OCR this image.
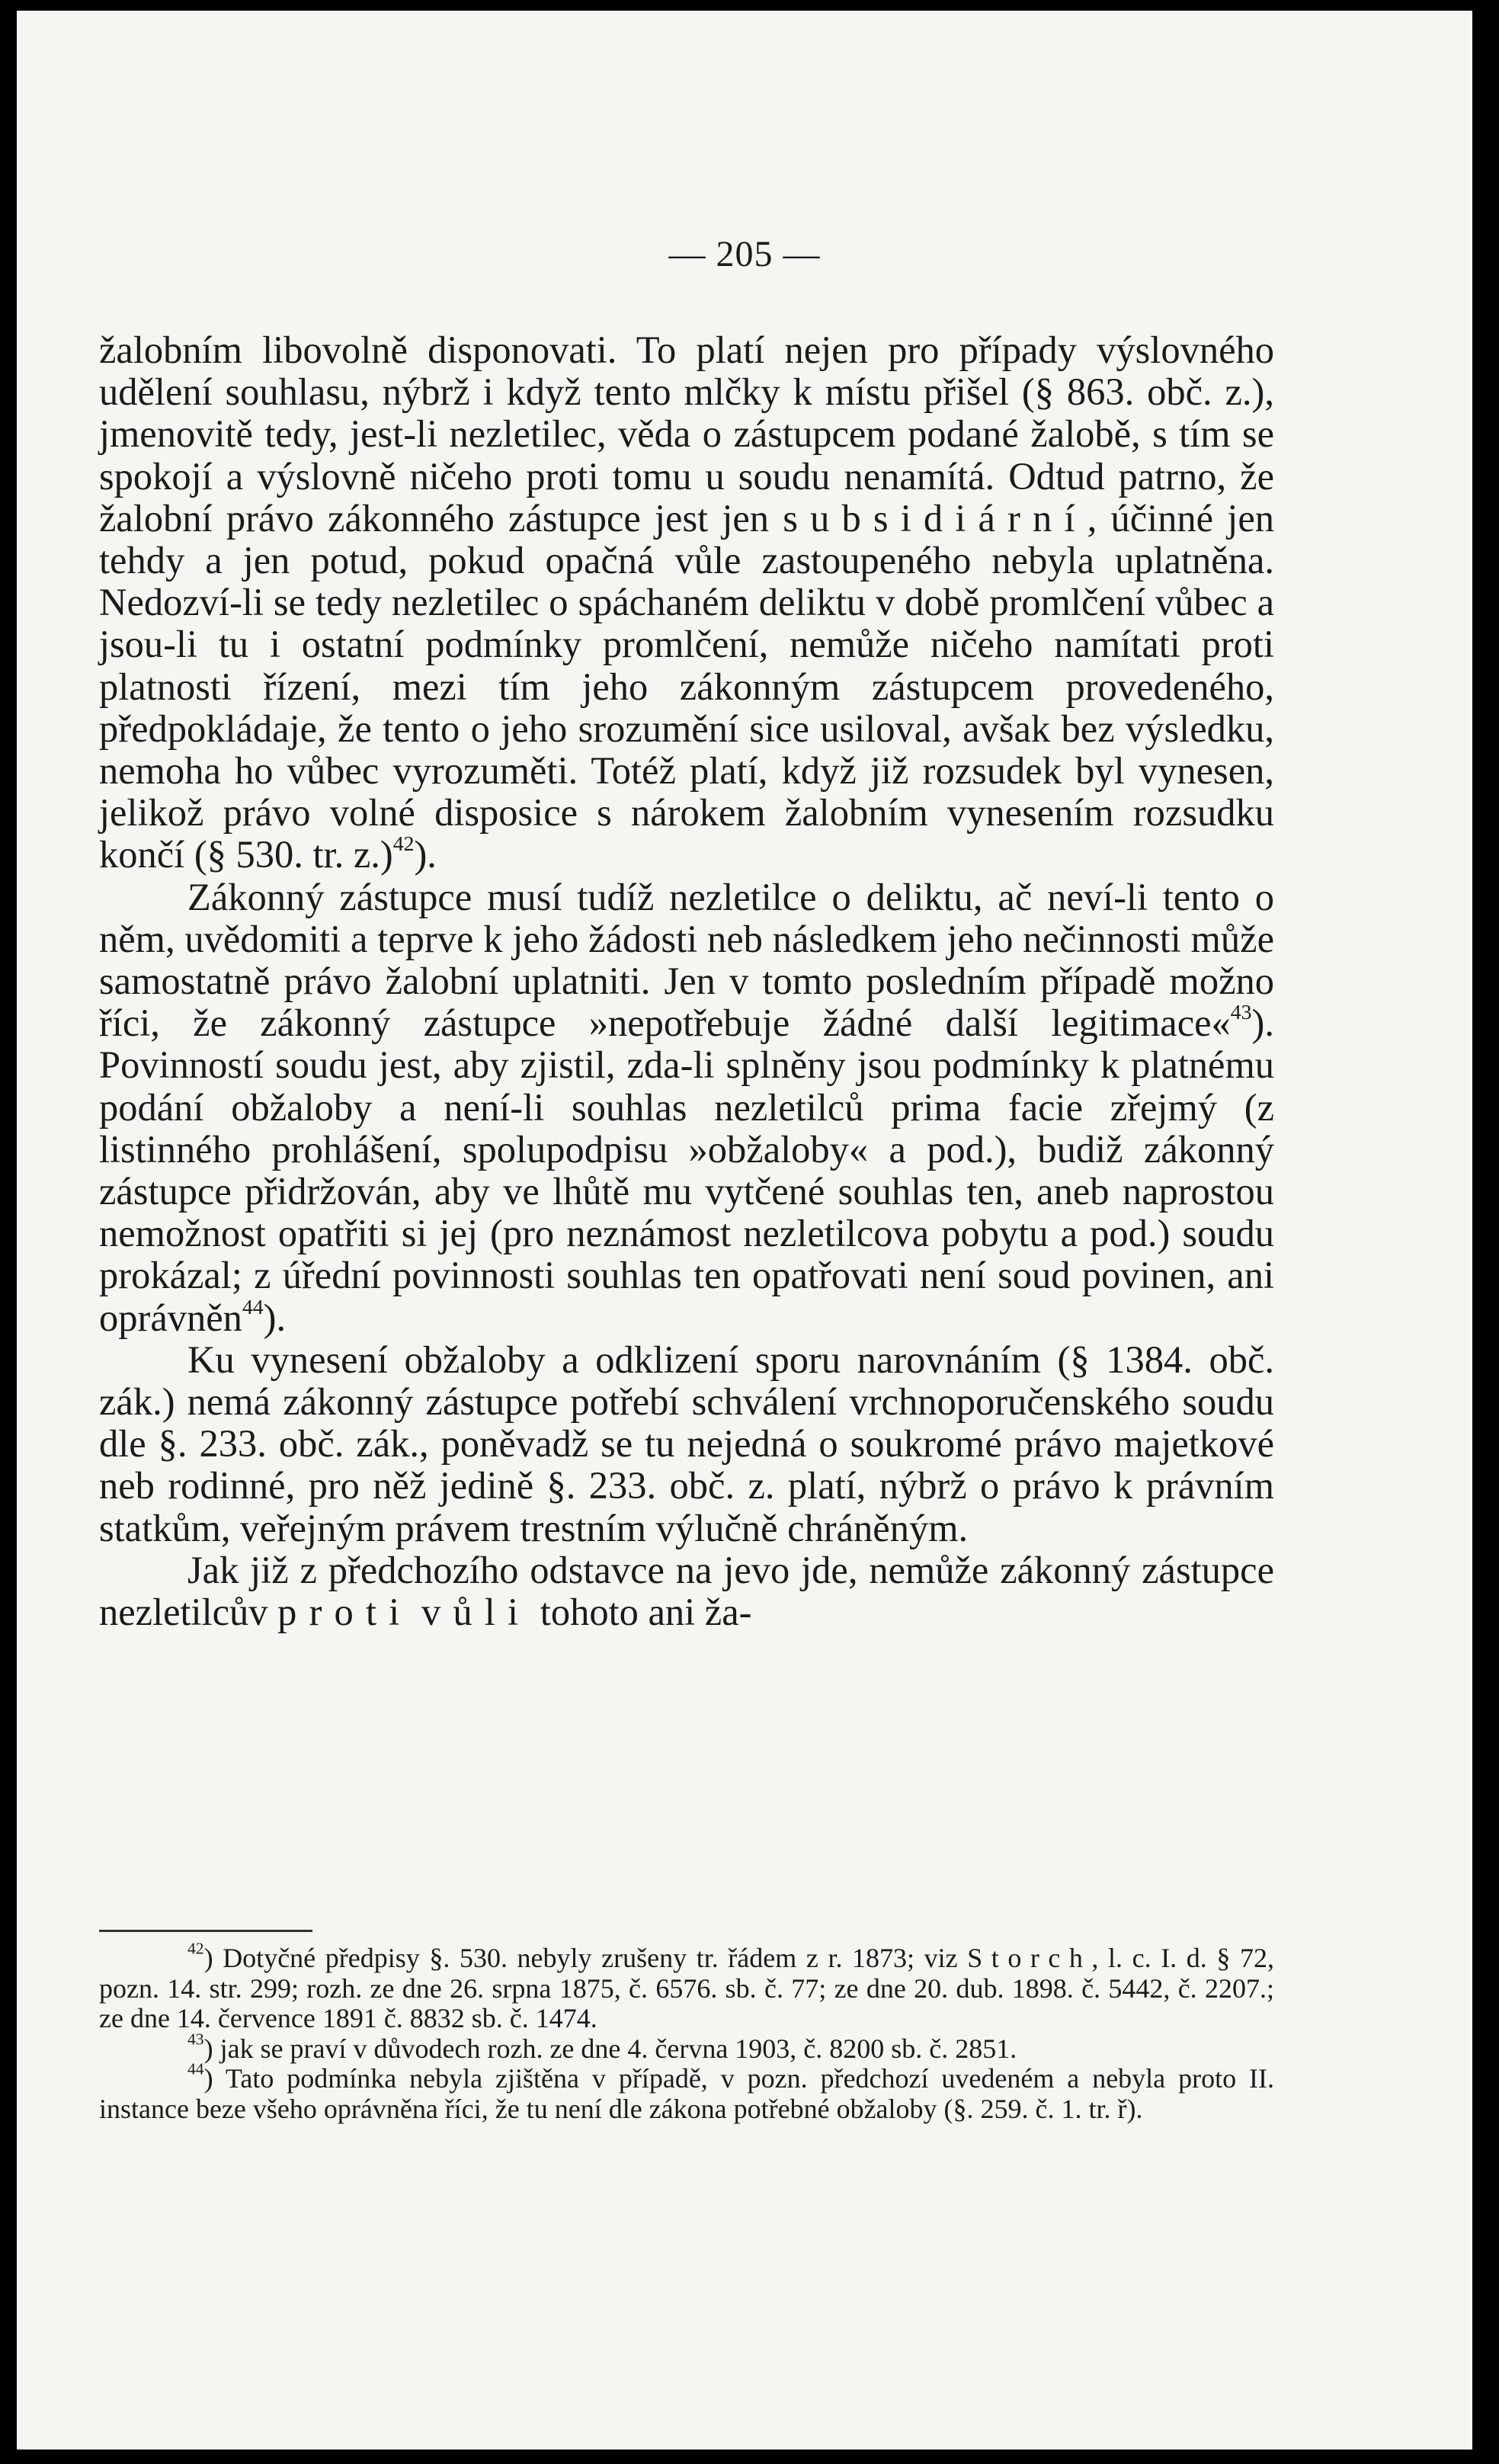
— 205 —

žalobním libovolně disponovati. To platí nejen pro případy výslovného udělení souhlasu, nýbrž i když tento mlčky k místu přišel (§ 863. obč. z.), jmenovitě tedy, jest-li nezletilec, věda o zástupcem podané žalobě, s tím se spokojí a výslovně ničeho proti tomu u soudu nenamítá. Odtud patrno, že žalobní právo zákonného zástupce jest jen subsidiární, účinné jen tehdy a jen potud, pokud opačná vůle zastoupeného nebyla uplatněna. Nedozví-li se tedy nezletilec o spáchaném deliktu v době promlčení vůbec a jsou-li tu i ostatní podmínky promlčení, nemůže ničeho namítati proti platnosti řízení, mezi tím jeho zákonným zástupcem provedeného, předpokládaje, že tento o jeho srozumění sice usiloval, avšak bez výsledku, nemoha ho vůbec vyrozuměti. Totéž platí, když již rozsudek byl vynesen, jelikož právo volné disposice s nárokem žalobním vynesením rozsudku končí (§ 530. tr. z.)$^{42}$).

Zákonný zástupce musí tudíž nezletilce o deliktu, ač neví-li tento o něm, uvědomiti a teprve k jeho žádosti neb následkem jeho nečinnosti může samostatně právo žalobní uplatniti. Jen v tomto posledním případě možno říci, že zákonný zástupce »nepotřebuje žádné další legitimace«$^{43}$). Povinností soudu jest, aby zjistil, zda-li splněny jsou podmínky k platnému podání obžaloby a není-li souhlas nezletilců prima facie zřejmý (z listinného prohlášení, spolupodpisu »obžaloby« a pod.), budiž zákonný zástupce přidržován, aby ve lhůtě mu vytčené souhlas ten, aneb naprostou nemožnost opatřiti si jej (pro neznámost nezletilcova pobytu a pod.) soudu prokázal; z úřední povinnosti souhlas ten opatřovati není soud povinen, ani oprávněn$^{44}$).

Ku vynesení obžaloby a odklizení sporu narovnáním (§ 1384. obč. zák.) nemá zákonný zástupce potřebí schválení vrchnoporučenského soudu dle §. 233. obč. zák., poněvadž se tu nejedná o soukromé právo majetkové neb rodinné, pro něž jedině §. 233. obč. z. platí, nýbrž o právo k právním statkům, veřejným právem trestním výlučně chráněným.

Jak již z předchozího odstavce na jevo jde, nemůže zákonný zástupce nezletilcův proti vůli tohoto ani ža-

$^{42}$) Dotyčné předpisy §. 530. nebyly zrušeny tr. řádem z r. 1873; viz Storch, l. c. I. d. § 72, pozn. 14. str. 299; rozh. ze dne 26. srpna 1875, č. 6576. sb. č. 77; ze dne 20. dub. 1898. č. 5442, č. 2207.; ze dne 14. července 1891 č. 8832 sb. č. 1474.

$^{43}$) jak se praví v důvodech rozh. ze dne 4. června 1903, č. 8200 sb. č. 2851.

$^{44}$) Tato podmínka nebyla zjištěna v případě, v pozn. předchozí uvedeném a nebyla proto II. instance beze všeho oprávněna říci, že tu není dle zákona potřebné obžaloby (§. 259. č. 1. tr. ř).
